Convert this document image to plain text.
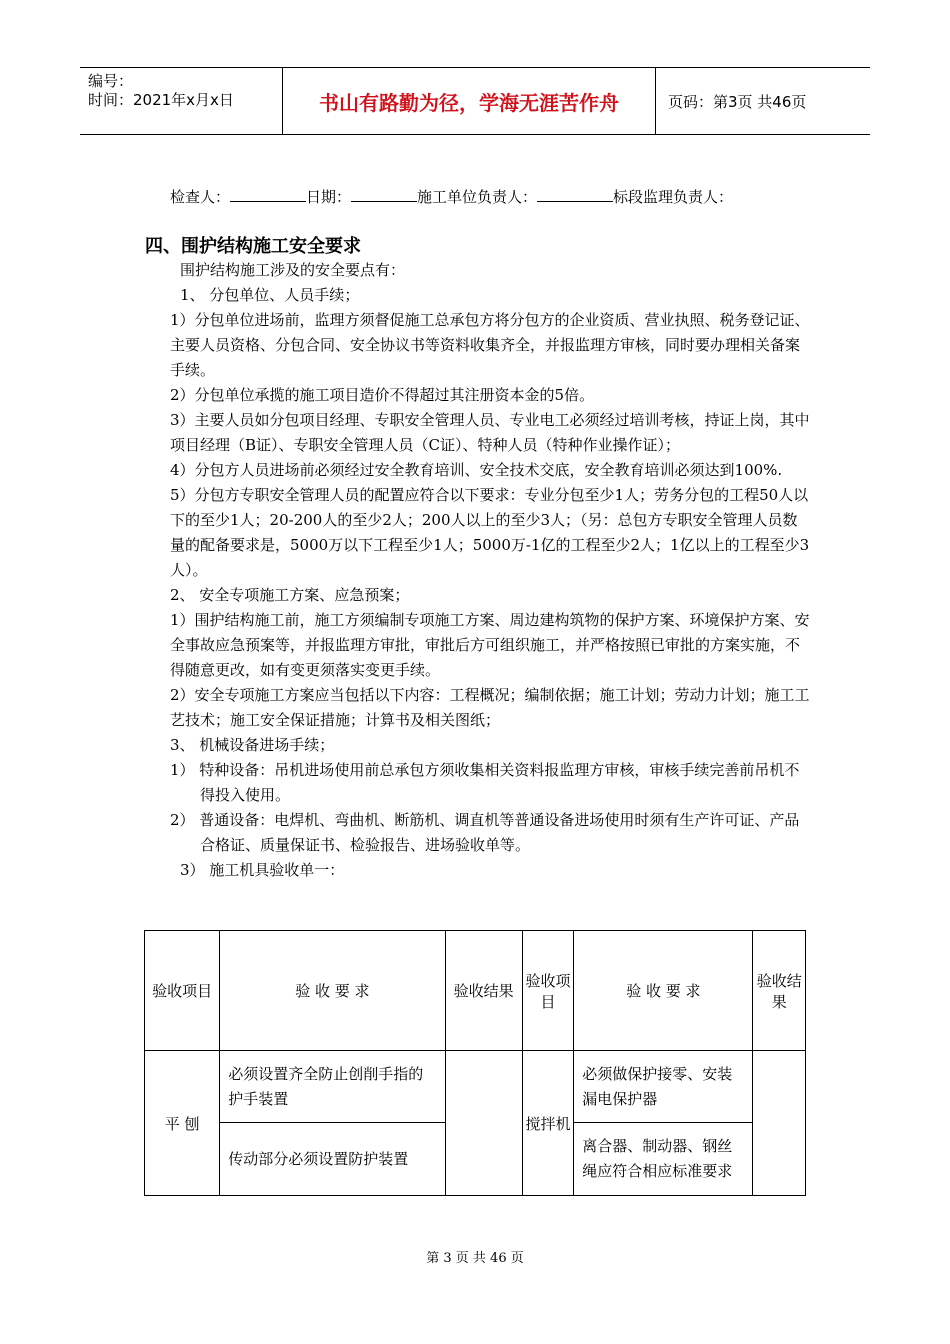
编号：
时间：2021年x月x日	书山有路勤为径，学海无涯苦作舟	页码：第3页 共46页
检查人：	日期：	施工单位负责人：	标段监理负责人：
四、围护结构施工安全要求

围护结构施工涉及的安全要点有：

1、 分包单位、人员手续；

1）分包单位进场前，监理方须督促施工总承包方将分包方的企业资质、营业执照、税务登记证、主要人员资格、分包合同、安全协议书等资料收集齐全，并报监理方审核，同时要办理相关备案手续。

2）分包单位承揽的施工项目造价不得超过其注册资本金的5倍。

3）主要人员如分包项目经理、专职安全管理人员、专业电工必须经过培训考核，持证上岗，其中项目经理（B证）、专职安全管理人员（C证）、特种人员（特种作业操作证）；

4）分包方人员进场前必须经过安全教育培训、安全技术交底，安全教育培训必须达到100%.

5）分包方专职安全管理人员的配置应符合以下要求：专业分包至少1人；劳务分包的工程50人以下的至少1人；20-200人的至少2人；200人以上的至少3人；（另：总包方专职安全管理人员数量的配备要求是，5000万以下工程至少1人；5000万-1亿的工程至少2人；1亿以上的工程至少3人）。

2、 安全专项施工方案、应急预案；

1）围护结构施工前，施工方须编制专项施工方案、周边建构筑物的保护方案、环境保护方案、安全事故应急预案等，并报监理方审批，审批后方可组织施工，并严格按照已审批的方案实施，不得随意更改，如有变更须落实变更手续。

2）安全专项施工方案应当包括以下内容：工程概况；编制依据；施工计划；劳动力计划；施工工艺技术；施工安全保证措施；计算书及相关图纸；

3、 机械设备进场手续；

1） 特种设备：吊机进场使用前总承包方须收集相关资料报监理方审核，审核手续完善前吊机不得投入使用。

2） 普通设备：电焊机、弯曲机、断筋机、调直机等普通设备进场使用时须有生产许可证、产品合格证、质量保证书、检验报告、进场验收单等。

3） 施工机具验收单一：

验收项目	验 收 要 求	验收结果	验收项目	验 收 要 求	验收结果
平 刨	必须设置齐全防止创削手指的护手装置		搅拌机	必须做保护接零、安装漏电保护器	
	传动部分必须设置防护装置			离合器、制动器、钢丝绳应符合相应标准要求	
第 3 页 共 46 页
